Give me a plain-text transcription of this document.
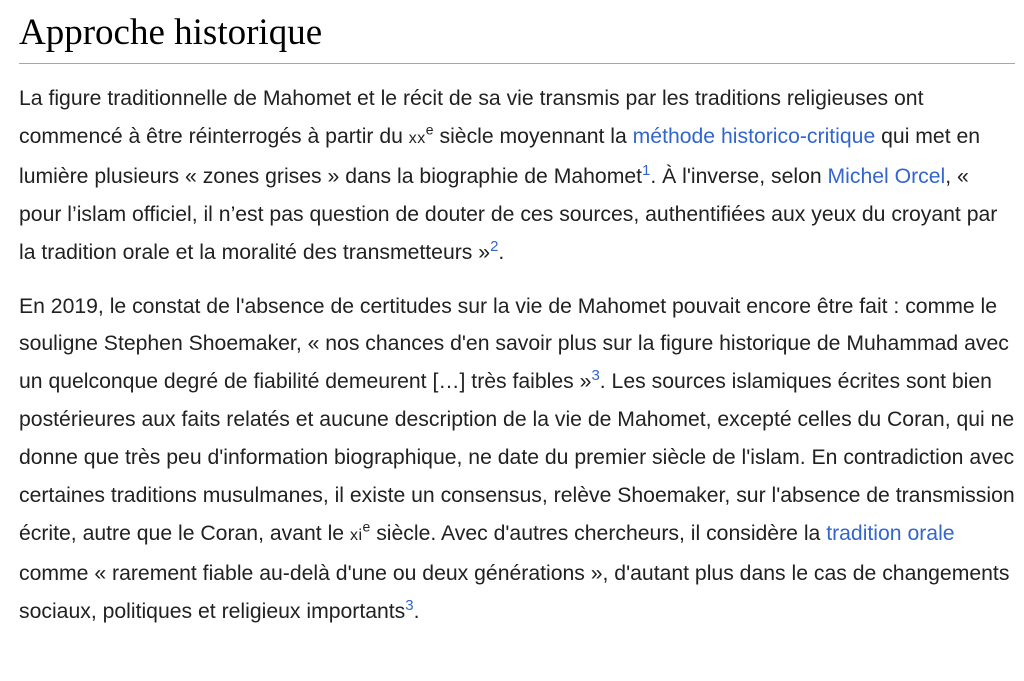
Approche historique

La figure traditionnelle de Mahomet et le récit de sa vie transmis par les traditions religieuses ont commencé à être réinterrogés à partir du $xx^e$ siècle moyennant la méthode historico-critique qui met en lumière plusieurs « zones grises » dans la biographie de Mahomet$^1$. À l'inverse, selon Michel Orcel, « pour l’islam officiel, il n’est pas question de douter de ces sources, authentifiées aux yeux du croyant par la tradition orale et la moralité des transmetteurs »$^2$.

En 2019, le constat de l'absence de certitudes sur la vie de Mahomet pouvait encore être fait : comme le souligne Stephen Shoemaker, « nos chances d'en savoir plus sur la figure historique de Muhammad avec un quelconque degré de fiabilité demeurent […] très faibles »$^3$. Les sources islamiques écrites sont bien postérieures aux faits relatés et aucune description de la vie de Mahomet, excepté celles du Coran, qui ne donne que très peu d'information biographique, ne date du premier siècle de l'islam. En contradiction avec certaines traditions musulmanes, il existe un consensus, relève Shoemaker, sur l'absence de transmission écrite, autre que le Coran, avant le $xi^e$ siècle. Avec d'autres chercheurs, il considère la tradition orale comme « rarement fiable au-delà d'une ou deux générations », d'autant plus dans le cas de changements sociaux, politiques et religieux importants$^3$.
